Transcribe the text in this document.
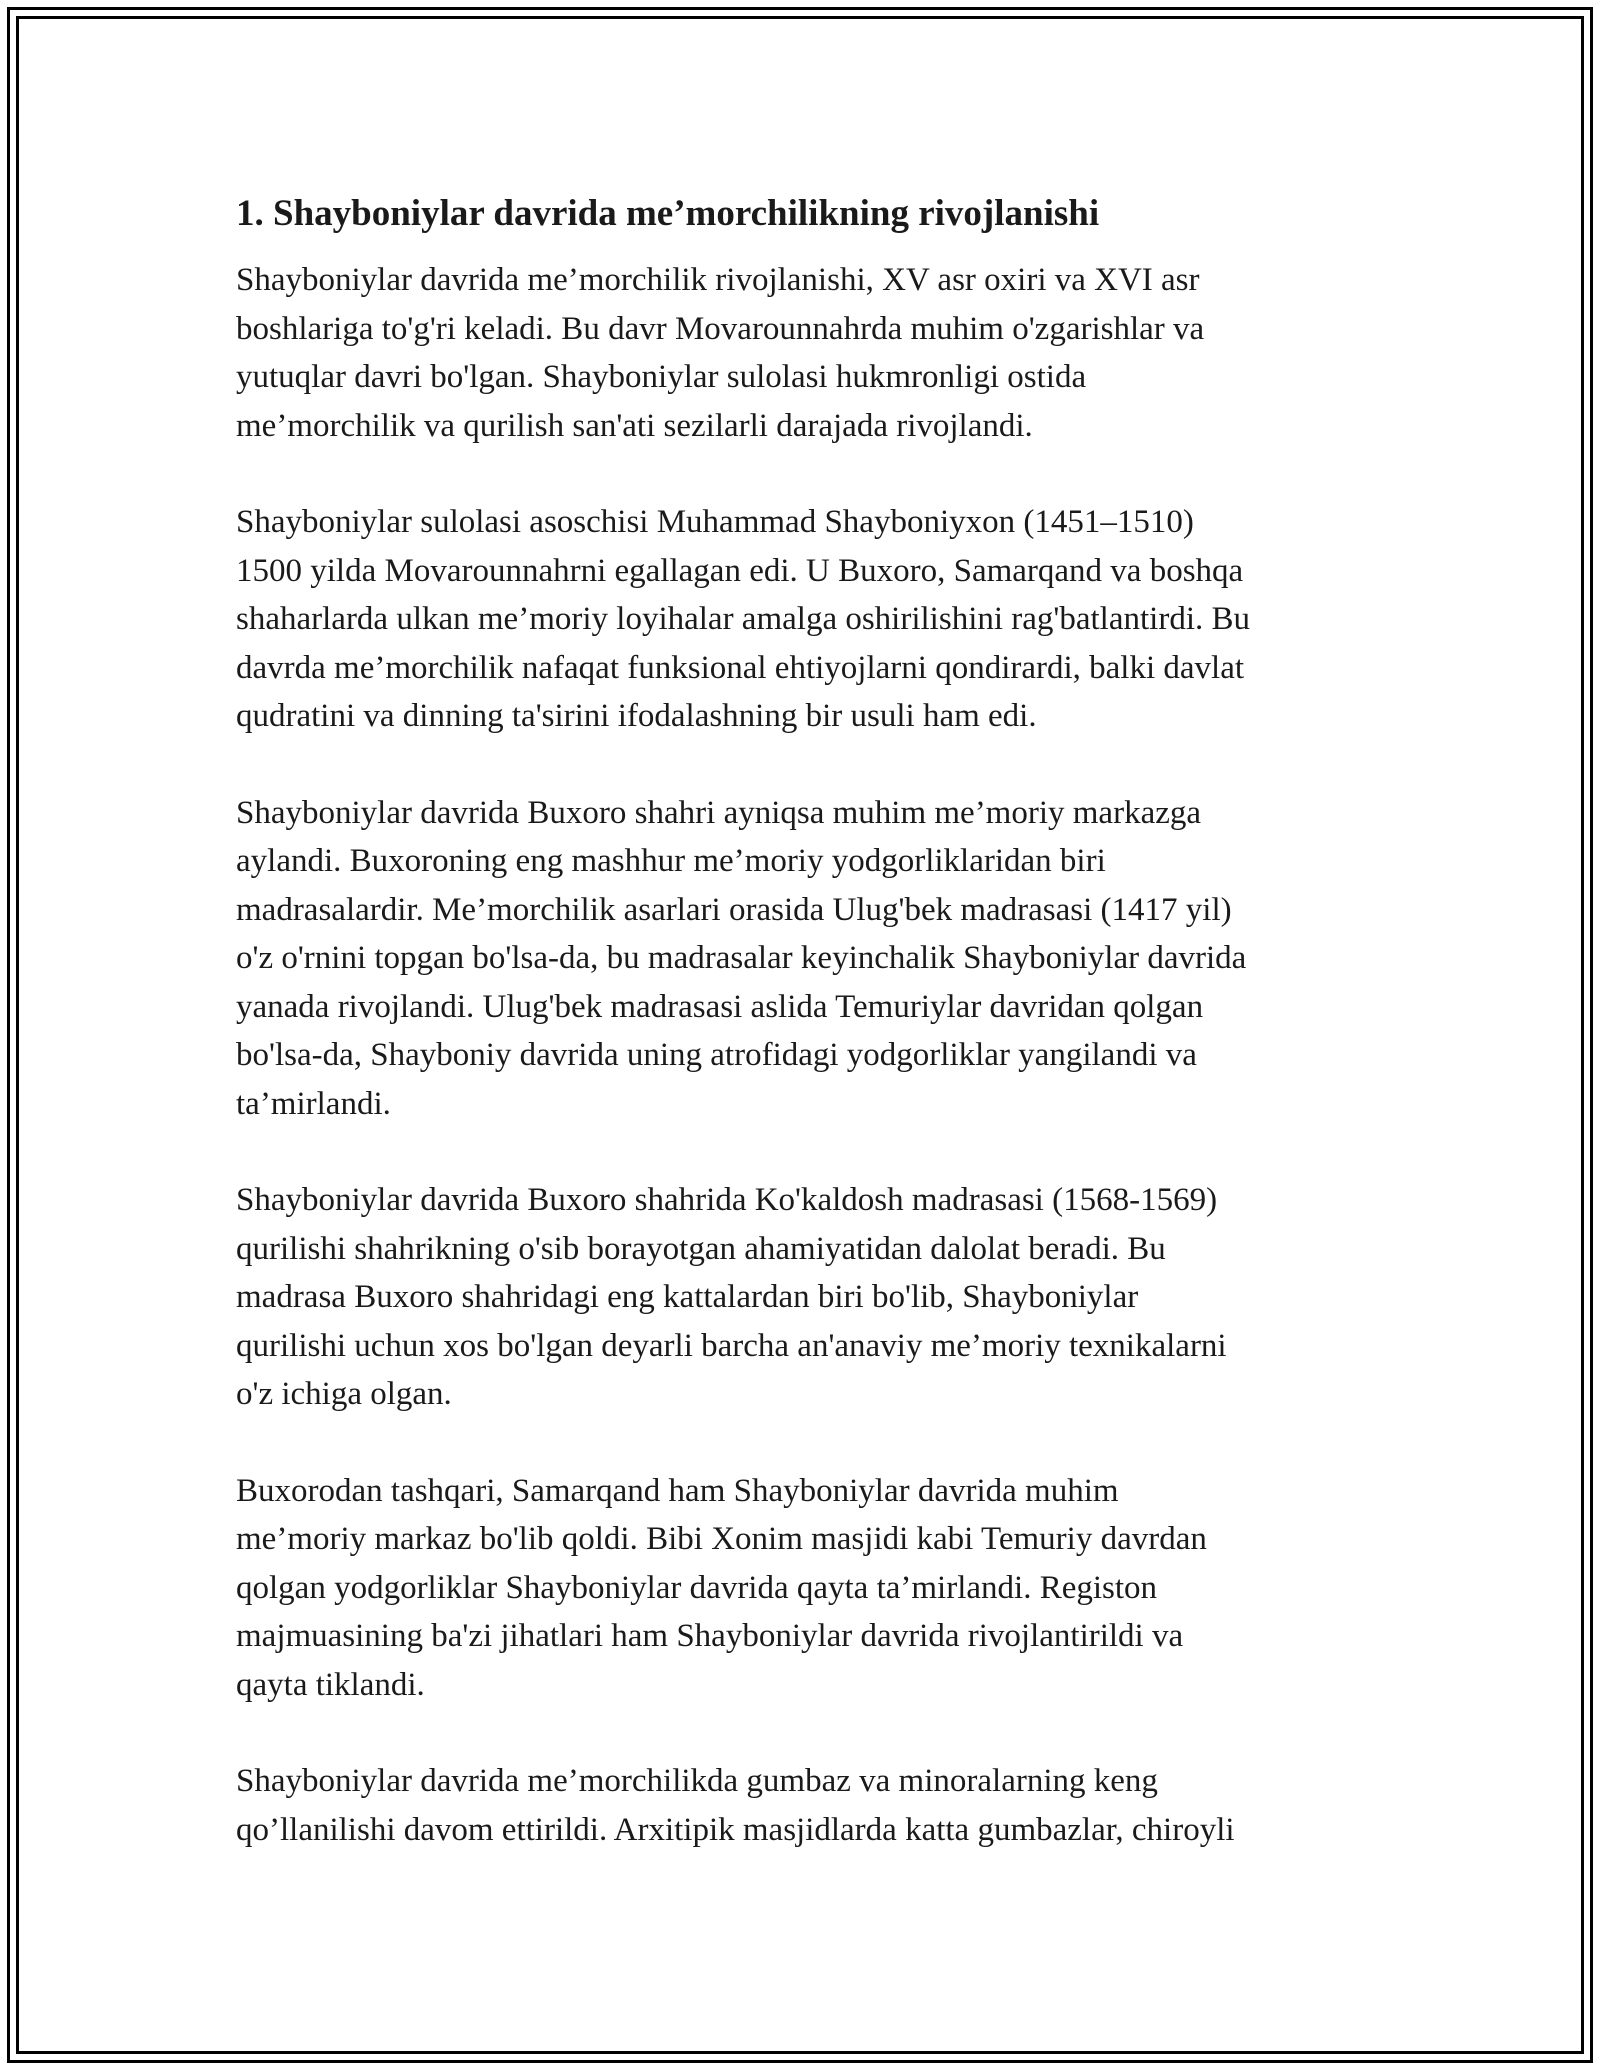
1. Shayboniylar davrida me’morchilikning rivojlanishi

Shayboniylar davrida me’morchilik rivojlanishi, XV asr oxiri va XVI asr
boshlariga to'g'ri keladi. Bu davr Movarounnahrda muhim o'zgarishlar va
yutuqlar davri bo'lgan. Shayboniylar sulolasi hukmronligi ostida
me’morchilik va qurilish san'ati sezilarli darajada rivojlandi.

Shayboniylar sulolasi asoschisi Muhammad Shayboniyxon (1451–1510)
1500 yilda Movarounnahrni egallagan edi. U Buxoro, Samarqand va boshqa
shaharlarda ulkan me’moriy loyihalar amalga oshirilishini rag'batlantirdi. Bu
davrda me’morchilik nafaqat funksional ehtiyojlarni qondirardi, balki davlat
qudratini va dinning ta'sirini ifodalashning bir usuli ham edi.

Shayboniylar davrida Buxoro shahri ayniqsa muhim me’moriy markazga
aylandi. Buxoroning eng mashhur me’moriy yodgorliklaridan biri
madrasalardir. Me’morchilik asarlari orasida Ulug'bek madrasasi (1417 yil)
o'z o'rnini topgan bo'lsa-da, bu madrasalar keyinchalik Shayboniylar davrida
yanada rivojlandi. Ulug'bek madrasasi aslida Temuriylar davridan qolgan
bo'lsa-da, Shayboniy davrida uning atrofidagi yodgorliklar yangilandi va
ta’mirlandi.

Shayboniylar davrida Buxoro shahrida Ko'kaldosh madrasasi (1568-1569)
qurilishi shahrikning o'sib borayotgan ahamiyatidan dalolat beradi. Bu
madrasa Buxoro shahridagi eng kattalardan biri bo'lib, Shayboniylar
qurilishi uchun xos bo'lgan deyarli barcha an'anaviy me’moriy texnikalarni
o'z ichiga olgan.

Buxorodan tashqari, Samarqand ham Shayboniylar davrida muhim
me’moriy markaz bo'lib qoldi. Bibi Xonim masjidi kabi Temuriy davrdan
qolgan yodgorliklar Shayboniylar davrida qayta ta’mirlandi. Registon
majmuasining ba'zi jihatlari ham Shayboniylar davrida rivojlantirildi va
qayta tiklandi.

Shayboniylar davrida me’morchilikda gumbaz va minoralarning keng
qo’llanilishi davom ettirildi. Arxitipik masjidlarda katta gumbazlar, chiroyli
